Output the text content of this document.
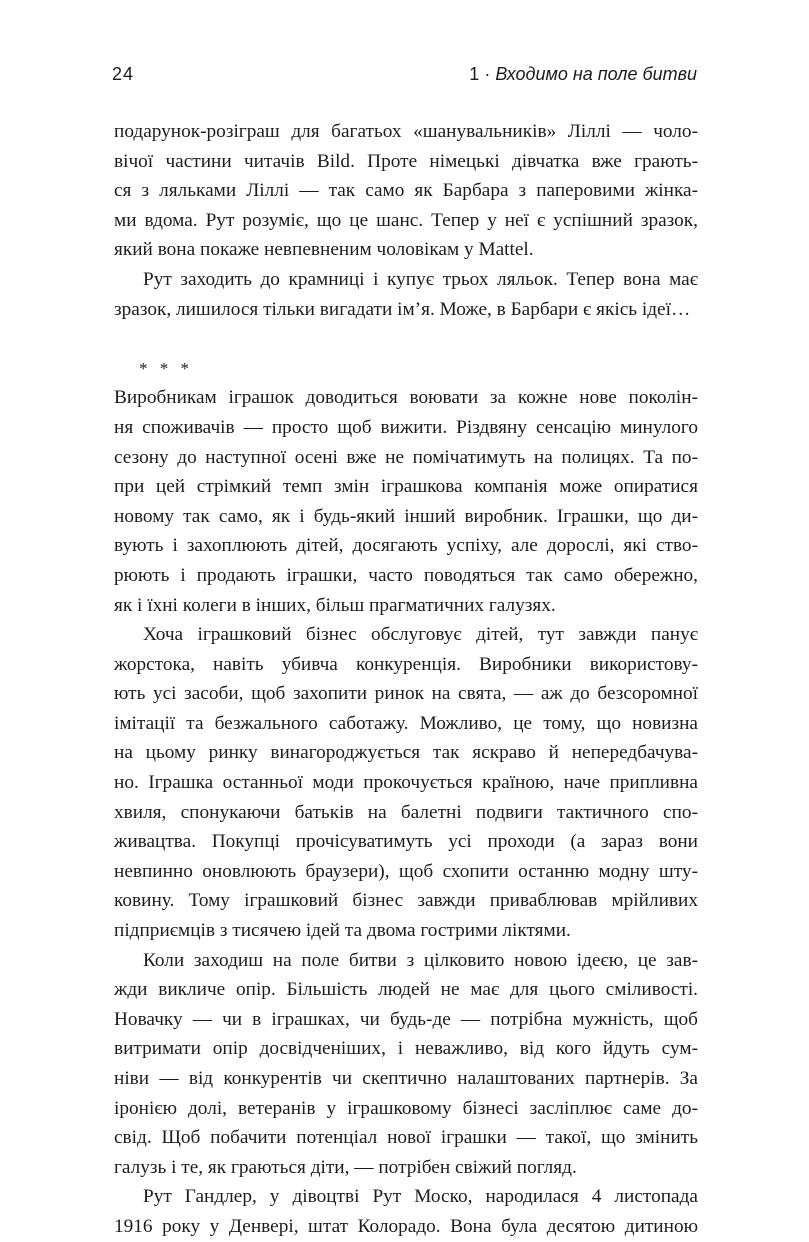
24	1 · Входимо на поле битви
подарунок-розіграш для багатьох «шанувальників» Ліллі — чоло-
вічої частини читачів Bild. Проте німецькі дівчатка вже грають-
ся з ляльками Ліллі — так само як Барбара з паперовими жінка-
ми вдома. Рут розуміє, що це шанс. Тепер у неї є успішний зразок,
який вона покаже невпевненим чоловікам у Mattel.
Рут заходить до крамниці і купує трьох ляльок. Тепер вона має
зразок, лишилося тільки вигадати ім’я. Може, в Барбари є якісь ідеї…
* * *
Виробникам іграшок доводиться воювати за кожне нове поколін-
ня споживачів — просто щоб вижити. Різдвяну сенсацію минулого
сезону до наступної осені вже не помічатимуть на полицях. Та по-
при цей стрімкий темп змін іграшкова компанія може опиратися
новому так само, як і будь-який інший виробник. Іграшки, що ди-
вують і захоплюють дітей, досягають успіху, але дорослі, які ство-
рюють і продають іграшки, часто поводяться так само обережно,
як і їхні колеги в інших, більш прагматичних галузях.
Хоча іграшковий бізнес обслуговує дітей, тут завжди панує
жорстока, навіть убивча конкуренція. Виробники використову-
ють усі засоби, щоб захопити ринок на свята, — аж до безсоромної
імітації та безжального саботажу. Можливо, це тому, що новизна
на цьому ринку винагороджується так яскраво й непередбачува-
но. Іграшка останньої моди прокочується країною, наче припливна
хвиля, спонукаючи батьків на балетні подвиги тактичного спо-
живацтва. Покупці прочісуватимуть усі проходи (а зараз вони
невпинно оновлюють браузери), щоб схопити останню модну шту-
ковину. Тому іграшковий бізнес завжди приваблював мрійливих
підприємців з тисячею ідей та двома гострими ліктями.
Коли заходиш на поле битви з цілковито новою ідеєю, це зав-
жди викличе опір. Більшість людей не має для цього сміливості.
Новачку — чи в іграшках, чи будь-де — потрібна мужність, щоб
витримати опір досвідченіших, і неважливо, від кого йдуть сум-
ніви — від конкурентів чи скептично налаштованих партнерів. За
іронією долі, ветеранів у іграшковому бізнесі засліплює саме до-
свід. Щоб побачити потенціал нової іграшки — такої, що змінить
галузь і те, як граються діти, — потрібен свіжий погляд.
Рут Гандлер, у дівоцтві Рут Моско, народилася 4 листопада
1916 року у Денвері, штат Колорадо. Вона була десятою дитиною
